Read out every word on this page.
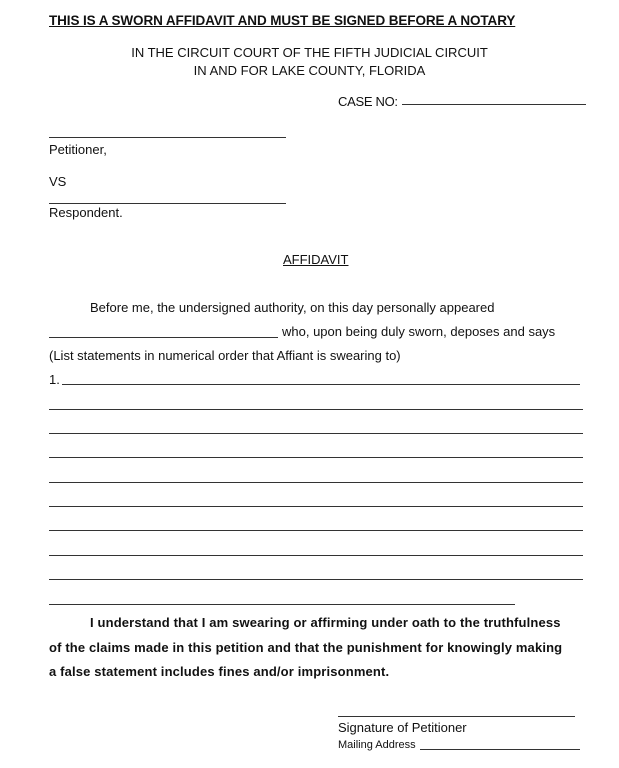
THIS IS A SWORN AFFIDAVIT AND MUST BE SIGNED BEFORE A NOTARY
IN THE CIRCUIT COURT OF THE FIFTH JUDICIAL CIRCUIT
IN AND FOR LAKE COUNTY, FLORIDA
CASE NO:
Petitioner,
VS
Respondent.
AFFIDAVIT
Before me, the undersigned authority, on this day personally appeared
who, upon being duly sworn, deposes and says
(List statements in numerical order that Affiant is swearing to)
1.
I understand that I am swearing or affirming under oath to the truthfulness
of the claims made in this petition and that the punishment for knowingly making
a false statement includes fines and/or imprisonment.
Signature of Petitioner
Mailing Address
